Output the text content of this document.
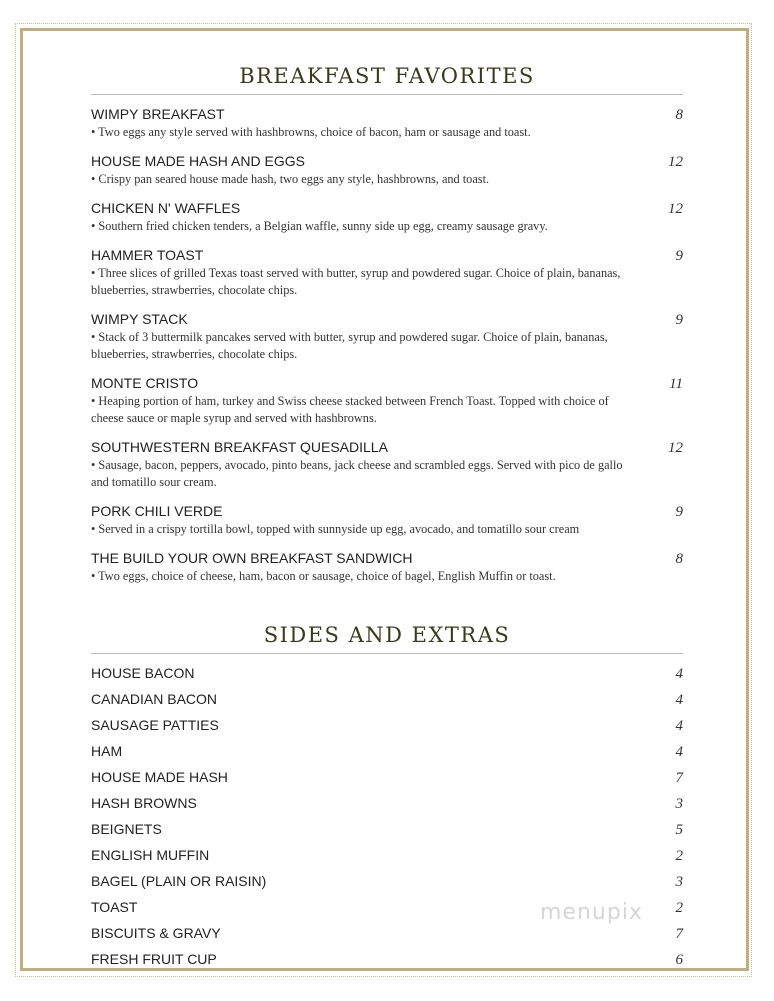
menupix
BREAKFAST FAVORITES
WIMPY BREAKFAST	8
• Two eggs any style served with hashbrowns, choice of bacon, ham or sausage and toast.
HOUSE MADE HASH AND EGGS	12
• Crispy pan seared house made hash, two eggs any style, hashbrowns, and toast.
CHICKEN N' WAFFLES	12
• Southern fried chicken tenders, a Belgian waffle, sunny side up egg, creamy sausage gravy.
HAMMER TOAST	9
• Three slices of grilled Texas toast served with butter, syrup and powdered sugar. Choice of plain, bananas, blueberries, strawberries, chocolate chips.
WIMPY STACK	9
• Stack of 3 buttermilk pancakes served with butter, syrup and powdered sugar. Choice of plain, bananas, blueberries, strawberries, chocolate chips.
MONTE CRISTO	11
• Heaping portion of ham, turkey and Swiss cheese stacked between French Toast. Topped with choice of cheese sauce or maple syrup and served with hashbrowns.
SOUTHWESTERN BREAKFAST QUESADILLA	12
• Sausage, bacon, peppers, avocado, pinto beans, jack cheese and scrambled eggs. Served with pico de gallo and tomatillo sour cream.
PORK CHILI VERDE	9
• Served in a crispy tortilla bowl, topped with sunnyside up egg, avocado, and tomatillo sour cream
THE BUILD YOUR OWN BREAKFAST SANDWICH	8
• Two eggs, choice of cheese, ham, bacon or sausage, choice of bagel, English Muffin or toast.
SIDES AND EXTRAS
HOUSE BACON	4
CANADIAN BACON	4
SAUSAGE PATTIES	4
HAM	4
HOUSE MADE HASH	7
HASH BROWNS	3
BEIGNETS	5
ENGLISH MUFFIN	2
BAGEL (PLAIN OR RAISIN)	3
TOAST	2
BISCUITS & GRAVY	7
FRESH FRUIT CUP	6
